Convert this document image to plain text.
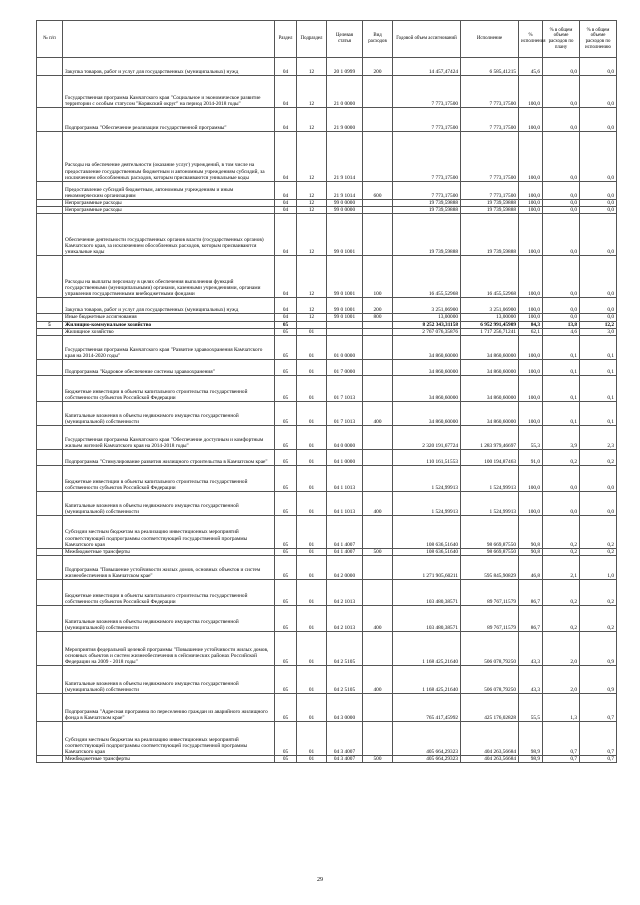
№ п/п		Раздел	Подраздел	Целевая статья	Вид расходов	Годовой объем ассигнований	Исполнение	% исполнения	% в общем объеме расходов по плану	% в общем объеме расходов по исполнению
	Закупка товаров, работ и услуг для государственных (муниципальных) нужд	04	12	20 1 0999	200	14 457,47424	6 585,41215	45,6	0,0	0,0
	Государственная программа Камчатского края "Социальное и экономическое развитие территории с особым статусом "Корякский округ" на период 2014-2018 годы"	04	12	21 0 0000		7 773,17500	7 773,17500	100,0	0,0	0,0
	Подпрограмма "Обеспечение реализации государственной программы"	04	12	21 9 0000		7 773,17500	7 773,17500	100,0	0,0	0,0
	Расходы на обеспечение деятельности (оказание услуг) учреждений, в том числе на предоставление государственным бюджетным и автономным учреждениям субсидий, за исключением обособленных расходов, которым присваиваются уникальные коды	04	12	21 9 1014		7 773,17500	7 773,17500	100,0	0,0	0,0
	Предоставление субсидий бюджетным, автономным учреждениям и иным некоммерческим организациям	04	12	21 9 1014	600	7 773,17500	7 773,17500	100,0	0,0	0,0
	Непрограммные расходы	04	12	99 0 0000		19 739,59888	19 739,59888	100,0	0,0	0,0
	Непрограммные расходы	04	12	99 0 0000		19 739,59888	19 739,59888	100,0	0,0	0,0
	Обеспечение деятельности государственных органов власти (государственных органов) Камчатского края, за исключением обособленных расходов, которым присваиваются уникальные коды	04	12	99 0 1001		19 739,59888	19 739,59888	100,0	0,0	0,0
	Расходы на выплаты персоналу в целях обеспечения выполнения функций государственными (муниципальными) органами, казенными учреждениями, органами управления государственными внебюджетными фондами	04	12	99 0 1001	100	16 455,52968	16 455,52968	100,0	0,0	0,0
	Закупка товаров, работ и услуг для государственных (муниципальных) нужд	04	12	99 0 1001	200	3 251,06900	3 251,06900	100,0	0,0	0,0
	Иные бюджетные ассигнования	04	12	99 0 1001	800	13,00000	13,00000	100,0	0,0	0,0
5	Жилищно-коммунальное хозяйство	05				8 252 343,31158	6 952 991,45909	84,3	13,8	12,2
	Жилищное хозяйство	05	01			2 767 076,35876	1 717 256,71241	62,1	4,6	3,0
	Государственная программа Камчатского края "Развитие здравоохранения Камчатского края на 2014-2020 годы"	05	01	01 0 0000		34 860,60000	34 860,60000	100,0	0,1	0,1
	Подпрограмма "Кадровое обеспечение системы здравоохранения"	05	01	01 7 0000		34 860,60000	34 860,60000	100,0	0,1	0,1
	Бюджетные инвестиции в объекты капитального строительства государственной собственности субъектов Российской Федерации	05	01	01 7 1013		34 860,60000	34 860,60000	100,0	0,1	0,1
	Капитальные вложения в объекты недвижимого имущества государственной (муниципальной) собственности	05	01	01 7 1013	400	34 860,60000	34 860,60000	100,0	0,1	0,1
	Государственная программа Камчатского края "Обеспечение доступным и комфортным жильем жителей Камчатского края на 2014-2018 годы"	05	01	04 0 0000		2 320 191,67724	1 283 979,46697	55,3	3,9	2,3
	Подпрограмма "Стимулирование развития жилищного строительства в Камчатском крае"	05	01	04 1 0000		110 161,51553	100 194,87463	91,0	0,2	0,2
	Бюджетные инвестиции в объекты капитального строительства государственной собственности субъектов Российской Федерации	05	01	04 1 1013		1 524,99913	1 524,99913	100,0	0,0	0,0
	Капитальные вложения в объекты недвижимого имущества государственной (муниципальной) собственности	05	01	04 1 1013	400	1 524,99913	1 524,99913	100,0	0,0	0,0
	Субсидии местным бюджетам на реализацию инвестиционных мероприятий соответствующей подпрограммы соответствующей государственной программы Камчатского края	05	01	04 1 4007		108 636,51640	98 669,87550	90,8	0,2	0,2
	Межбюджетные трансферты	05	01	04 1 4007	500	108 636,51640	98 669,87550	90,8	0,2	0,2
	Подпрограмма "Повышение устойчивости жилых домов, основных объектов и систем жизнеобеспечения в Камчатском крае"	05	01	04 2 0000		1 271 905,60211	595 845,90829	46,8	2,1	1,0
	Бюджетные инвестиции в объекты капитального строительства государственной собственности субъектов Российской Федерации	05	01	04 2 1013		103 480,38571	89 767,11579	86,7	0,2	0,2
	Капитальные вложения в объекты недвижимого имущества государственной (муниципальной) собственности	05	01	04 2 1013	400	103 480,38571	89 767,11579	86,7	0,2	0,2
	Мероприятия федеральной целевой программы "Повышение устойчивости жилых домов, основных объектов и систем жизнеобеспечения в сейсмических районах Российской Федерации на 2009 - 2018 годы"	05	01	04 2 5105		1 168 425,21640	506 078,79250	43,3	2,0	0,9
	Капитальные вложения в объекты недвижимого имущества государственной (муниципальной) собственности	05	01	04 2 5105	400	1 168 425,21640	506 078,79250	43,3	2,0	0,9
	Подпрограмма "Адресная программа по переселению граждан из аварийного жилищного фонда в Камчатском крае"	05	01	04 3 0000		765 417,45992	425 176,02828	55,5	1,3	0,7
	Субсидии местным бюджетам на реализацию инвестиционных мероприятий соответствующей подпрограммы соответствующей государственной программы Камчатского края	05	01	04 3 4007		405 664,29323	404 263,56684	98,9	0,7	0,7
	Межбюджетные трансферты	05	01	04 3 4007	500	405 664,29323	404 263,56684	98,9	0,7	0,7
29
